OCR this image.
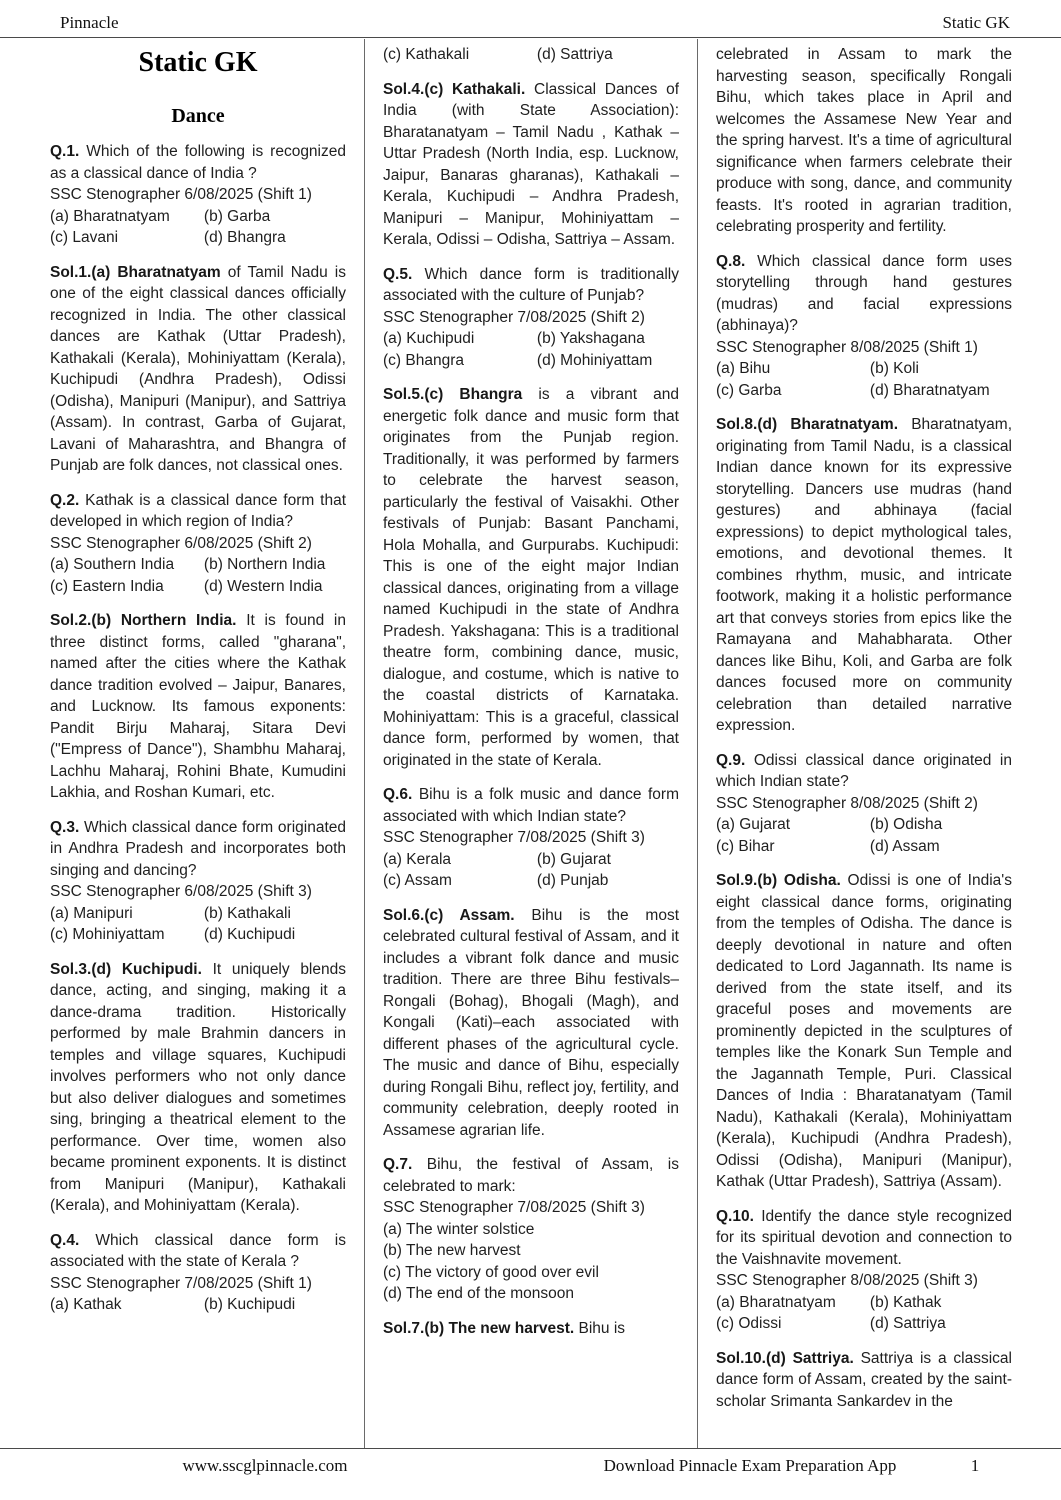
Pinnacle	Static GK
Static GK
Dance

Q.1. Which of the following is recognized as a classical dance of India ?

SSC Stenographer 6/08/2025 (Shift 1)
(a) Bharatnatyam	(b) Garba
(c) Lavani	(d) Bhangra

Sol.1.(a) Bharatnatyam of Tamil Nadu is one of the eight classical dances officially recognized in India. The other classical dances are Kathak (Uttar Pradesh), Kathakali (Kerala), Mohiniyattam (Kerala), Kuchipudi (Andhra Pradesh), Odissi (Odisha), Manipuri (Manipur), and Sattriya (Assam). In contrast, Garba of Gujarat, Lavani of Maharashtra, and Bhangra of Punjab are folk dances, not classical ones.

Q.2. Kathak is a classical dance form that developed in which region of India?

SSC Stenographer 6/08/2025 (Shift 2)
(a) Southern India	(b) Northern India
(c) Eastern India	(d) Western India

Sol.2.(b) Northern India. It is found in three distinct forms, called "gharana", named after the cities where the Kathak dance tradition evolved – Jaipur, Banares, and Lucknow. Its famous exponents: Pandit Birju Maharaj, Sitara Devi ("Empress of Dance"), Shambhu Maharaj, Lachhu Maharaj, Rohini Bhate, Kumudini Lakhia, and Roshan Kumari, etc.

Q.3. Which classical dance form originated in Andhra Pradesh and incorporates both singing and dancing?

SSC Stenographer 6/08/2025 (Shift 3)
(a) Manipuri	(b) Kathakali
(c) Mohiniyattam	(d) Kuchipudi

Sol.3.(d) Kuchipudi. It uniquely blends dance, acting, and singing, making it a dance-drama tradition. Historically performed by male Brahmin dancers in temples and village squares, Kuchipudi involves performers who not only dance but also deliver dialogues and sometimes sing, bringing a theatrical element to the performance. Over time, women also became prominent exponents. It is distinct from Manipuri (Manipur), Kathakali (Kerala), and Mohiniyattam (Kerala).

Q.4. Which classical dance form is associated with the state of Kerala ?

SSC Stenographer 7/08/2025 (Shift 1)
(a) Kathak	(b) Kuchipudi
(c) Kathakali	(d) Sattriya

Sol.4.(c) Kathakali. Classical Dances of India (with State Association): Bharatanatyam – Tamil Nadu , Kathak – Uttar Pradesh (North India, esp. Lucknow, Jaipur, Banaras gharanas), Kathakali – Kerala, Kuchipudi – Andhra Pradesh, Manipuri – Manipur, Mohiniyattam – Kerala, Odissi – Odisha, Sattriya – Assam.

Q.5. Which dance form is traditionally associated with the culture of Punjab?

SSC Stenographer 7/08/2025 (Shift 2)
(a) Kuchipudi	(b) Yakshagana
(c) Bhangra	(d) Mohiniyattam

Sol.5.(c) Bhangra is a vibrant and energetic folk dance and music form that originates from the Punjab region. Traditionally, it was performed by farmers to celebrate the harvest season, particularly the festival of Vaisakhi. Other festivals of Punjab: Basant Panchami, Hola Mohalla, and Gurpurabs. Kuchipudi: This is one of the eight major Indian classical dances, originating from a village named Kuchipudi in the state of Andhra Pradesh. Yakshagana: This is a traditional theatre form, combining dance, music, dialogue, and costume, which is native to the coastal districts of Karnataka. Mohiniyattam: This is a graceful, classical dance form, performed by women, that originated in the state of Kerala.

Q.6. Bihu is a folk music and dance form associated with which Indian state?

SSC Stenographer 7/08/2025 (Shift 3)
(a) Kerala	(b) Gujarat
(c) Assam	(d) Punjab

Sol.6.(c) Assam. Bihu is the most celebrated cultural festival of Assam, and it includes a vibrant folk dance and music tradition. There are three Bihu festivals–Rongali (Bohag), Bhogali (Magh), and Kongali (Kati)–each associated with different phases of the agricultural cycle. The music and dance of Bihu, especially during Rongali Bihu, reflect joy, fertility, and community celebration, deeply rooted in Assamese agrarian life.

Q.7. Bihu, the festival of Assam, is celebrated to mark:

SSC Stenographer 7/08/2025 (Shift 3)
(a) The winter solstice
(b) The new harvest
(c) The victory of good over evil
(d) The end of the monsoon

Sol.7.(b) The new harvest. Bihu is

celebrated in Assam to mark the harvesting season, specifically Rongali Bihu, which takes place in April and welcomes the Assamese New Year and the spring harvest. It's a time of agricultural significance when farmers celebrate their produce with song, dance, and community feasts. It's rooted in agrarian tradition, celebrating prosperity and fertility.

Q.8. Which classical dance form uses storytelling through hand gestures (mudras) and facial expressions (abhinaya)?

SSC Stenographer 8/08/2025 (Shift 1)
(a) Bihu	(b) Koli
(c) Garba	(d) Bharatnatyam

Sol.8.(d) Bharatnatyam. Bharatnatyam, originating from Tamil Nadu, is a classical Indian dance known for its expressive storytelling. Dancers use mudras (hand gestures) and abhinaya (facial expressions) to depict mythological tales, emotions, and devotional themes. It combines rhythm, music, and intricate footwork, making it a holistic performance art that conveys stories from epics like the Ramayana and Mahabharata. Other dances like Bihu, Koli, and Garba are folk dances focused more on community celebration than detailed narrative expression.

Q.9. Odissi classical dance originated in which Indian state?

SSC Stenographer 8/08/2025 (Shift 2)
(a) Gujarat	(b) Odisha
(c) Bihar	(d) Assam

Sol.9.(b) Odisha. Odissi is one of India's eight classical dance forms, originating from the temples of Odisha. The dance is deeply devotional in nature and often dedicated to Lord Jagannath. Its name is derived from the state itself, and its graceful poses and movements are prominently depicted in the sculptures of temples like the Konark Sun Temple and the Jagannath Temple, Puri. Classical Dances of India : Bharatanatyam (Tamil Nadu), Kathakali (Kerala), Mohiniyattam (Kerala), Kuchipudi (Andhra Pradesh), Odissi (Odisha), Manipuri (Manipur), Kathak (Uttar Pradesh), Sattriya (Assam).

Q.10. Identify the dance style recognized for its spiritual devotion and connection to the Vaishnavite movement.

SSC Stenographer 8/08/2025 (Shift 3)
(a) Bharatnatyam	(b) Kathak
(c) Odissi	(d) Sattriya

Sol.10.(d) Sattriya. Sattriya is a classical dance form of Assam, created by the saint-scholar Srimanta Sankardev in the

www.sscglpinnacle.com	Download Pinnacle Exam Preparation App	1
